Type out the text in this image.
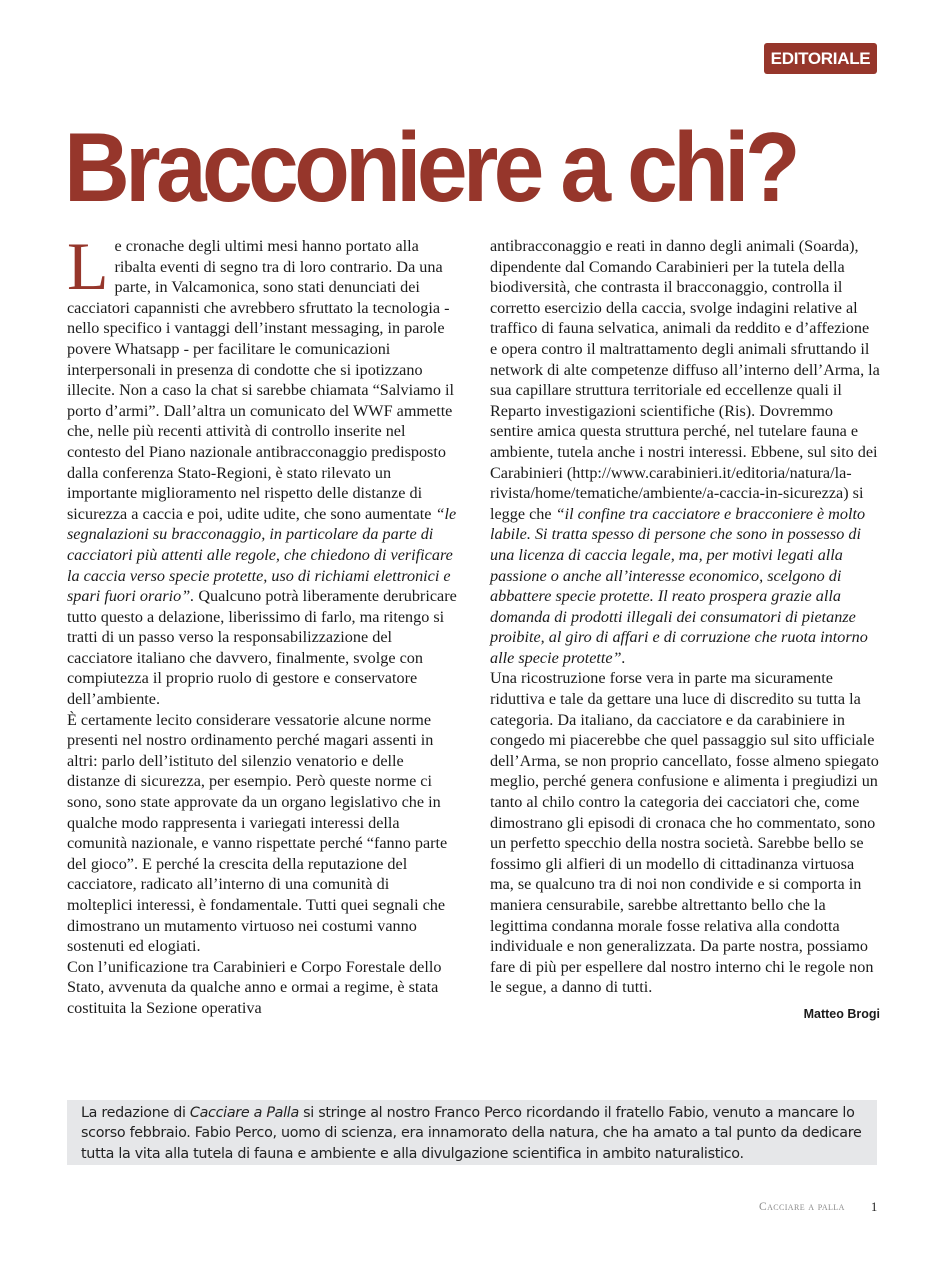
EDITORIALE
Bracconiere a chi?

L e cronache degli ultimi mesi hanno portato alla ribalta eventi di segno tra di loro contrario. Da una parte, in Valcamonica, sono stati denunciati dei cacciatori capannisti che avrebbero sfruttato la tecnologia - nello specifico i vantaggi dell’instant messaging, in parole povere Whatsapp - per facilitare le comunicazioni interpersonali in presenza di condotte che si ipotizzano illecite. Non a caso la chat si sarebbe chiamata “Salviamo il porto d’armi”. Dall’altra un comunicato del WWF ammette che, nelle più recenti attività di controllo inserite nel contesto del Piano nazionale antibracconaggio predisposto dalla conferenza Stato-Regioni, è stato rilevato un importante miglioramento nel rispetto delle distanze di sicurezza a caccia e poi, udite udite, che sono aumentate “le segnalazioni su bracconaggio, in particolare da parte di cacciatori più attenti alle regole, che chiedono di verificare la caccia verso specie protette, uso di richiami elettronici e spari fuori orario”. Qualcuno potrà liberamente derubricare tutto questo a delazione, liberissimo di farlo, ma ritengo si tratti di un passo verso la responsabilizzazione del cacciatore italiano che davvero, finalmente, svolge con compiutezza il proprio ruolo di gestore e conservatore dell’ambiente.

È certamente lecito considerare vessatorie alcune norme presenti nel nostro ordinamento perché magari assenti in altri: parlo dell’istituto del silenzio venatorio e delle distanze di sicurezza, per esempio. Però queste norme ci sono, sono state approvate da un organo legislativo che in qualche modo rappresenta i variegati interessi della comunità nazionale, e vanno rispettate perché “fanno parte del gioco”. E perché la crescita della reputazione del cacciatore, radicato all’interno di una comunità di molteplici interessi, è fondamentale. Tutti quei segnali che dimostrano un mutamento virtuoso nei costumi vanno sostenuti ed elogiati.

Con l’unificazione tra Carabinieri e Corpo Forestale dello Stato, avvenuta da qualche anno e ormai a regime, è stata costituita la Sezione operativa

antibracconaggio e reati in danno degli animali (Soarda), dipendente dal Comando Carabinieri per la tutela della biodiversità, che contrasta il bracconaggio, controlla il corretto esercizio della caccia, svolge indagini relative al traffico di fauna selvatica, animali da reddito e d’affezione e opera contro il maltrattamento degli animali sfruttando il network di alte competenze diffuso all’interno dell’Arma, la sua capillare struttura territoriale ed eccellenze quali il Reparto investigazioni scientifiche (Ris). Dovremmo sentire amica questa struttura perché, nel tutelare fauna e ambiente, tutela anche i nostri interessi. Ebbene, sul sito dei Carabinieri (http://www.carabinieri.it/editoria/natura/la-rivista/home/tematiche/ambiente/a-caccia-in-sicurezza) si legge che “il confine tra cacciatore e bracconiere è molto labile. Si tratta spesso di persone che sono in possesso di una licenza di caccia legale, ma, per motivi legati alla passione o anche all’interesse economico, scelgono di abbattere specie protette. Il reato prospera grazie alla domanda di prodotti illegali dei consumatori di pietanze proibite, al giro di affari e di corruzione che ruota intorno alle specie protette”.

Una ricostruzione forse vera in parte ma sicuramente riduttiva e tale da gettare una luce di discredito su tutta la categoria. Da italiano, da cacciatore e da carabiniere in congedo mi piacerebbe che quel passaggio sul sito ufficiale dell’Arma, se non proprio cancellato, fosse almeno spiegato meglio, perché genera confusione e alimenta i pregiudizi un tanto al chilo contro la categoria dei cacciatori che, come dimostrano gli episodi di cronaca che ho commentato, sono un perfetto specchio della nostra società. Sarebbe bello se fossimo gli alfieri di un modello di cittadinanza virtuosa ma, se qualcuno tra di noi non condivide e si comporta in maniera censurabile, sarebbe altrettanto bello che la legittima condanna morale fosse relativa alla condotta individuale e non generalizzata. Da parte nostra, possiamo fare di più per espellere dal nostro interno chi le regole non le segue, a danno di tutti.

Matteo Brogi

La redazione di Cacciare a Palla si stringe al nostro Franco Perco ricordando il fratello Fabio, venuto a mancare lo scorso febbraio. Fabio Perco, uomo di scienza, era innamorato della natura, che ha amato a tal punto da dedicare tutta la vita alla tutela di fauna e ambiente e alla divulgazione scientifica in ambito naturalistico.
Cacciare a palla 1
